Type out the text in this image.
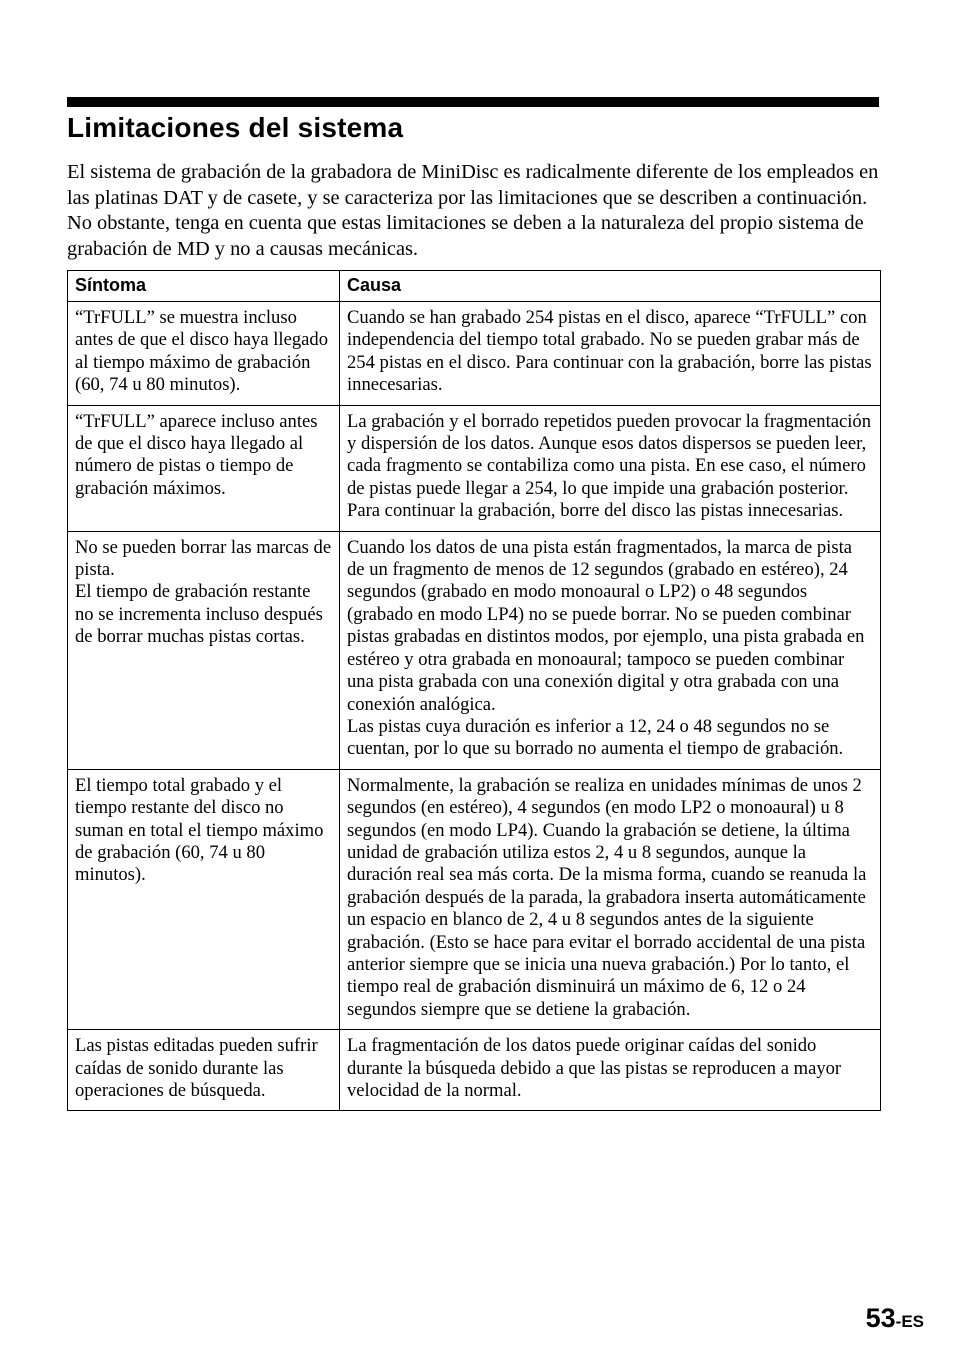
Limitaciones del sistema

El sistema de grabación de la grabadora de MiniDisc es radicalmente diferente de los empleados en las platinas DAT y de casete, y se caracteriza por las limitaciones que se describen a continuación. No obstante, tenga en cuenta que estas limitaciones se deben a la naturaleza del propio sistema de grabación de MD y no a causas mecánicas.

Síntoma	Causa

“TrFULL” se muestra incluso antes de que el disco haya llegado al tiempo máximo de grabación (60, 74 u 80 minutos).	Cuando se han grabado 254 pistas en el disco, aparece “TrFULL” con independencia del tiempo total grabado. No se pueden grabar más de 254 pistas en el disco. Para continuar con la grabación, borre las pistas innecesarias.

“TrFULL” aparece incluso antes de que el disco haya llegado al número de pistas o tiempo de grabación máximos.	La grabación y el borrado repetidos pueden provocar la fragmentación y dispersión de los datos. Aunque esos datos dispersos se pueden leer, cada fragmento se contabiliza como una pista. En ese caso, el número de pistas puede llegar a 254, lo que impide una grabación posterior. Para continuar la grabación, borre del disco las pistas innecesarias.

No se pueden borrar las marcas de pista.
El tiempo de grabación restante no se incrementa incluso después de borrar muchas pistas cortas.	Cuando los datos de una pista están fragmentados, la marca de pista de un fragmento de menos de 12 segundos (grabado en estéreo), 24 segundos (grabado en modo monoaural o LP2) o 48 segundos (grabado en modo LP4) no se puede borrar. No se pueden combinar pistas grabadas en distintos modos, por ejemplo, una pista grabada en estéreo y otra grabada en monoaural; tampoco se pueden combinar una pista grabada con una conexión digital y otra grabada con una conexión analógica.
Las pistas cuya duración es inferior a 12, 24 o 48 segundos no se cuentan, por lo que su borrado no aumenta el tiempo de grabación.

El tiempo total grabado y el tiempo restante del disco no suman en total el tiempo máximo de grabación (60, 74 u 80 minutos).	Normalmente, la grabación se realiza en unidades mínimas de unos 2 segundos (en estéreo), 4 segundos (en modo LP2 o monoaural) u 8 segundos (en modo LP4). Cuando la grabación se detiene, la última unidad de grabación utiliza estos 2, 4 u 8 segundos, aunque la duración real sea más corta. De la misma forma, cuando se reanuda la grabación después de la parada, la grabadora inserta automáticamente un espacio en blanco de 2, 4 u 8 segundos antes de la siguiente grabación. (Esto se hace para evitar el borrado accidental de una pista anterior siempre que se inicia una nueva grabación.) Por lo tanto, el tiempo real de grabación disminuirá un máximo de 6, 12 o 24 segundos siempre que se detiene la grabación.

Las pistas editadas pueden sufrir caídas de sonido durante las operaciones de búsqueda.	La fragmentación de los datos puede originar caídas del sonido durante la búsqueda debido a que las pistas se reproducen a mayor velocidad de la normal.
53-ES
